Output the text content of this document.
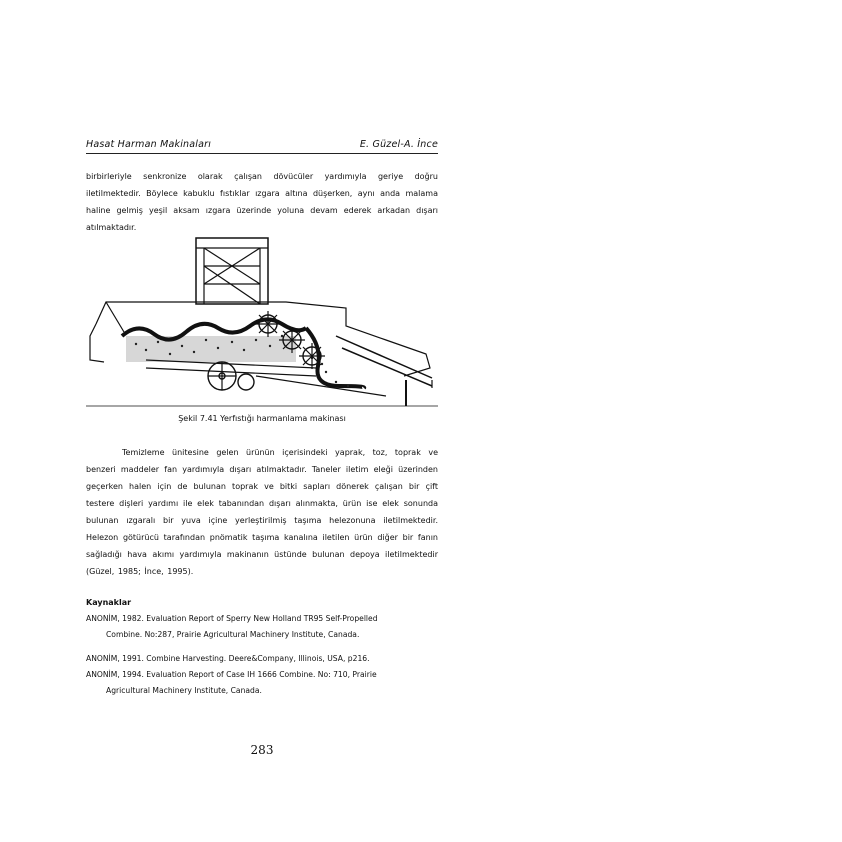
Hasat Harman Makinaları	E. Güzel-A. İnce

birbirleriyle senkronize olarak çalışan dövücüler yardımıyla geriye doğru iletilmektedir. Böylece kabuklu fıstıklar ızgara altına düşerken, aynı anda malama haline gelmiş yeşil aksam ızgara üzerinde yoluna devam ederek arkadan dışarı atılmaktadır.

Şekil 7.41 Yerfıstığı harmanlama makinası

Temizleme ünitesine gelen ürünün içerisindeki yaprak, toz, toprak ve benzeri maddeler fan yardımıyla dışarı atılmaktadır. Taneler iletim eleği üzerinden geçerken halen için de bulunan toprak ve bitki sapları dönerek çalışan bir çift testere dişleri yardımı ile elek tabanından dışarı alınmakta, ürün ise elek sonunda bulunan ızgaralı bir yuva içine yerleştirilmiş taşıma helezonuna iletilmektedir. Helezon götürücü tarafından pnömatik taşıma kanalına iletilen ürün diğer bir fanın sağladığı hava akımı yardımıyla makinanın üstünde bulunan depoya iletilmektedir (Güzel, 1985; İnce, 1995).

Kaynaklar
ANONİM, 1982. Evaluation Report of Sperry New Holland TR95 Self-Propelled
Combine. No:287, Prairie Agricultural Machinery Institute, Canada.
ANONİM, 1991. Combine Harvesting. Deere&Company, Illinois, USA, p216.
ANONİM, 1994. Evaluation Report of Case IH 1666 Combine. No: 710, Prairie
Agricultural Machinery Institute, Canada.
283
